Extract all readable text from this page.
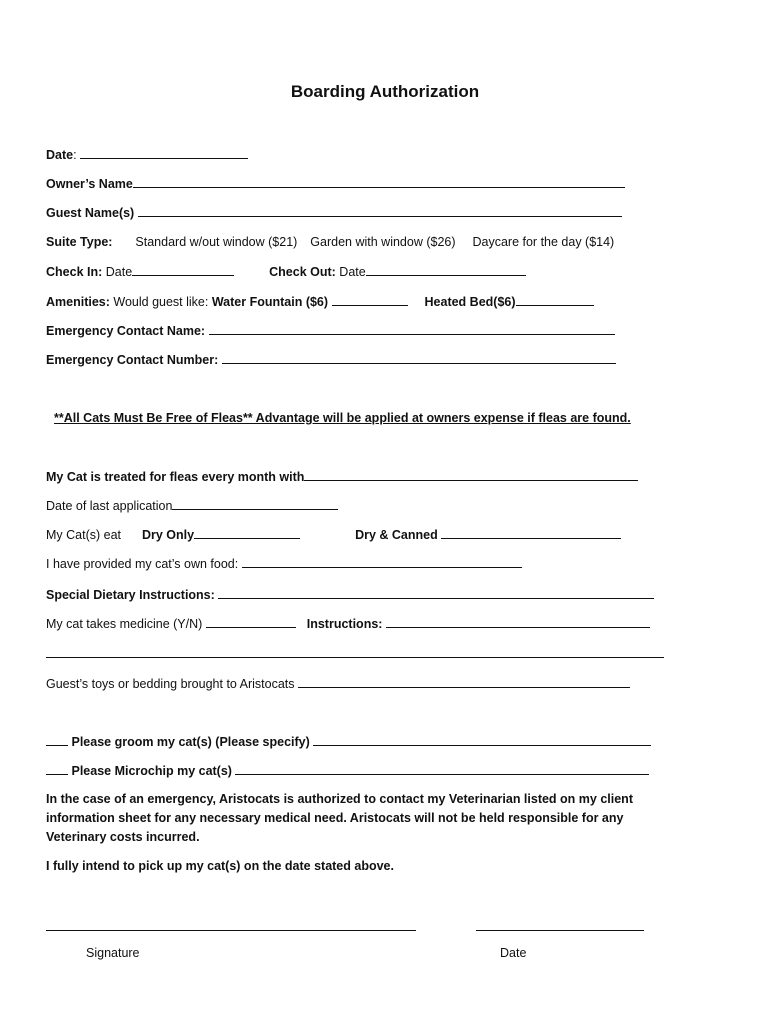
Boarding Authorization
Date:
Owner’s Name
Guest Name(s)
Suite Type: Standard w/out window ($21) Garden with window ($26) Daycare for the day ($14)
Check In: Date	Check Out: Date
Amenities: Would guest like: Water Fountain ($6)	Heated Bed($6)
Emergency Contact Name:
Emergency Contact Number:
**All Cats Must Be Free of Fleas** Advantage will be applied at owners expense if fleas are found.
My Cat is treated for fleas every month with
Date of last application
My Cat(s) eat Dry Only	Dry & Canned
I have provided my cat’s own food:
Special Dietary Instructions:
My cat takes medicine (Y/N)	Instructions:
Guest’s toys or bedding brought to Aristocats
Please groom my cat(s) (Please specify)
Please Microchip my cat(s)
In the case of an emergency, Aristocats is authorized to contact my Veterinarian listed on my client information sheet for any necessary medical need. Aristocats will not be held responsible for any Veterinary costs incurred.
I fully intend to pick up my cat(s) on the date stated above.
Signature	Date
